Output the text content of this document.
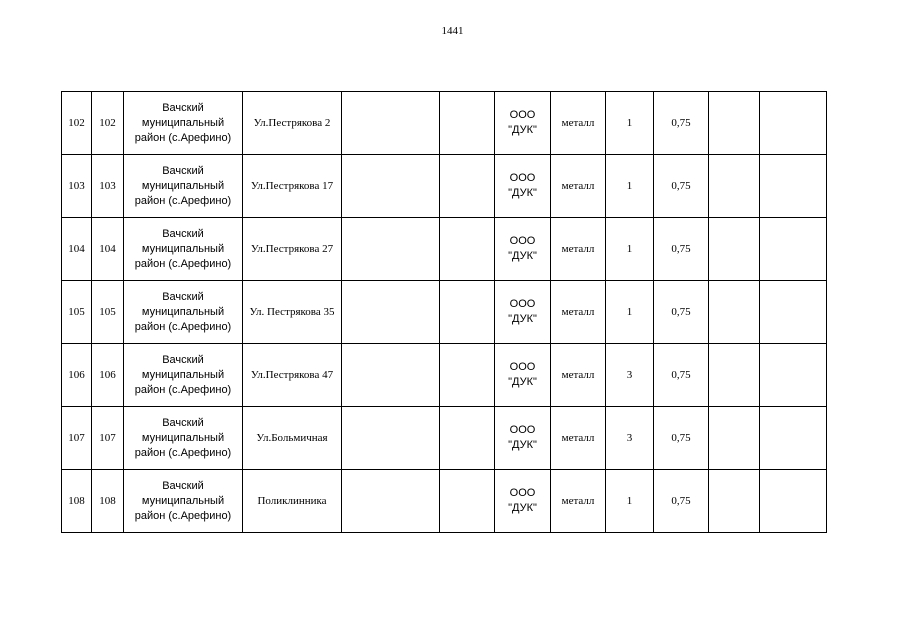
1441
102	102	Вачский
муниципальный
район (с.Арефино)	Ул.Пестрякова 2			ООО
"ДУК"	металл	1	0,75		
103	103	Вачский
муниципальный
район (с.Арефино)	Ул.Пестрякова 17			ООО
"ДУК"	металл	1	0,75		
104	104	Вачский
муниципальный
район (с.Арефино)	Ул.Пестрякова 27			ООО
"ДУК"	металл	1	0,75		
105	105	Вачский
муниципальный
район (с.Арефино)	Ул. Пестрякова 35			ООО
"ДУК"	металл	1	0,75		
106	106	Вачский
муниципальный
район (с.Арефино)	Ул.Пестрякова 47			ООО
"ДУК"	металл	3	0,75		
107	107	Вачский
муниципальный
район (с.Арефино)	Ул.Больмичная			ООО
"ДУК"	металл	3	0,75		
108	108	Вачский
муниципальный
район (с.Арефино)	Поликлинника			ООО
"ДУК"	металл	1	0,75		
